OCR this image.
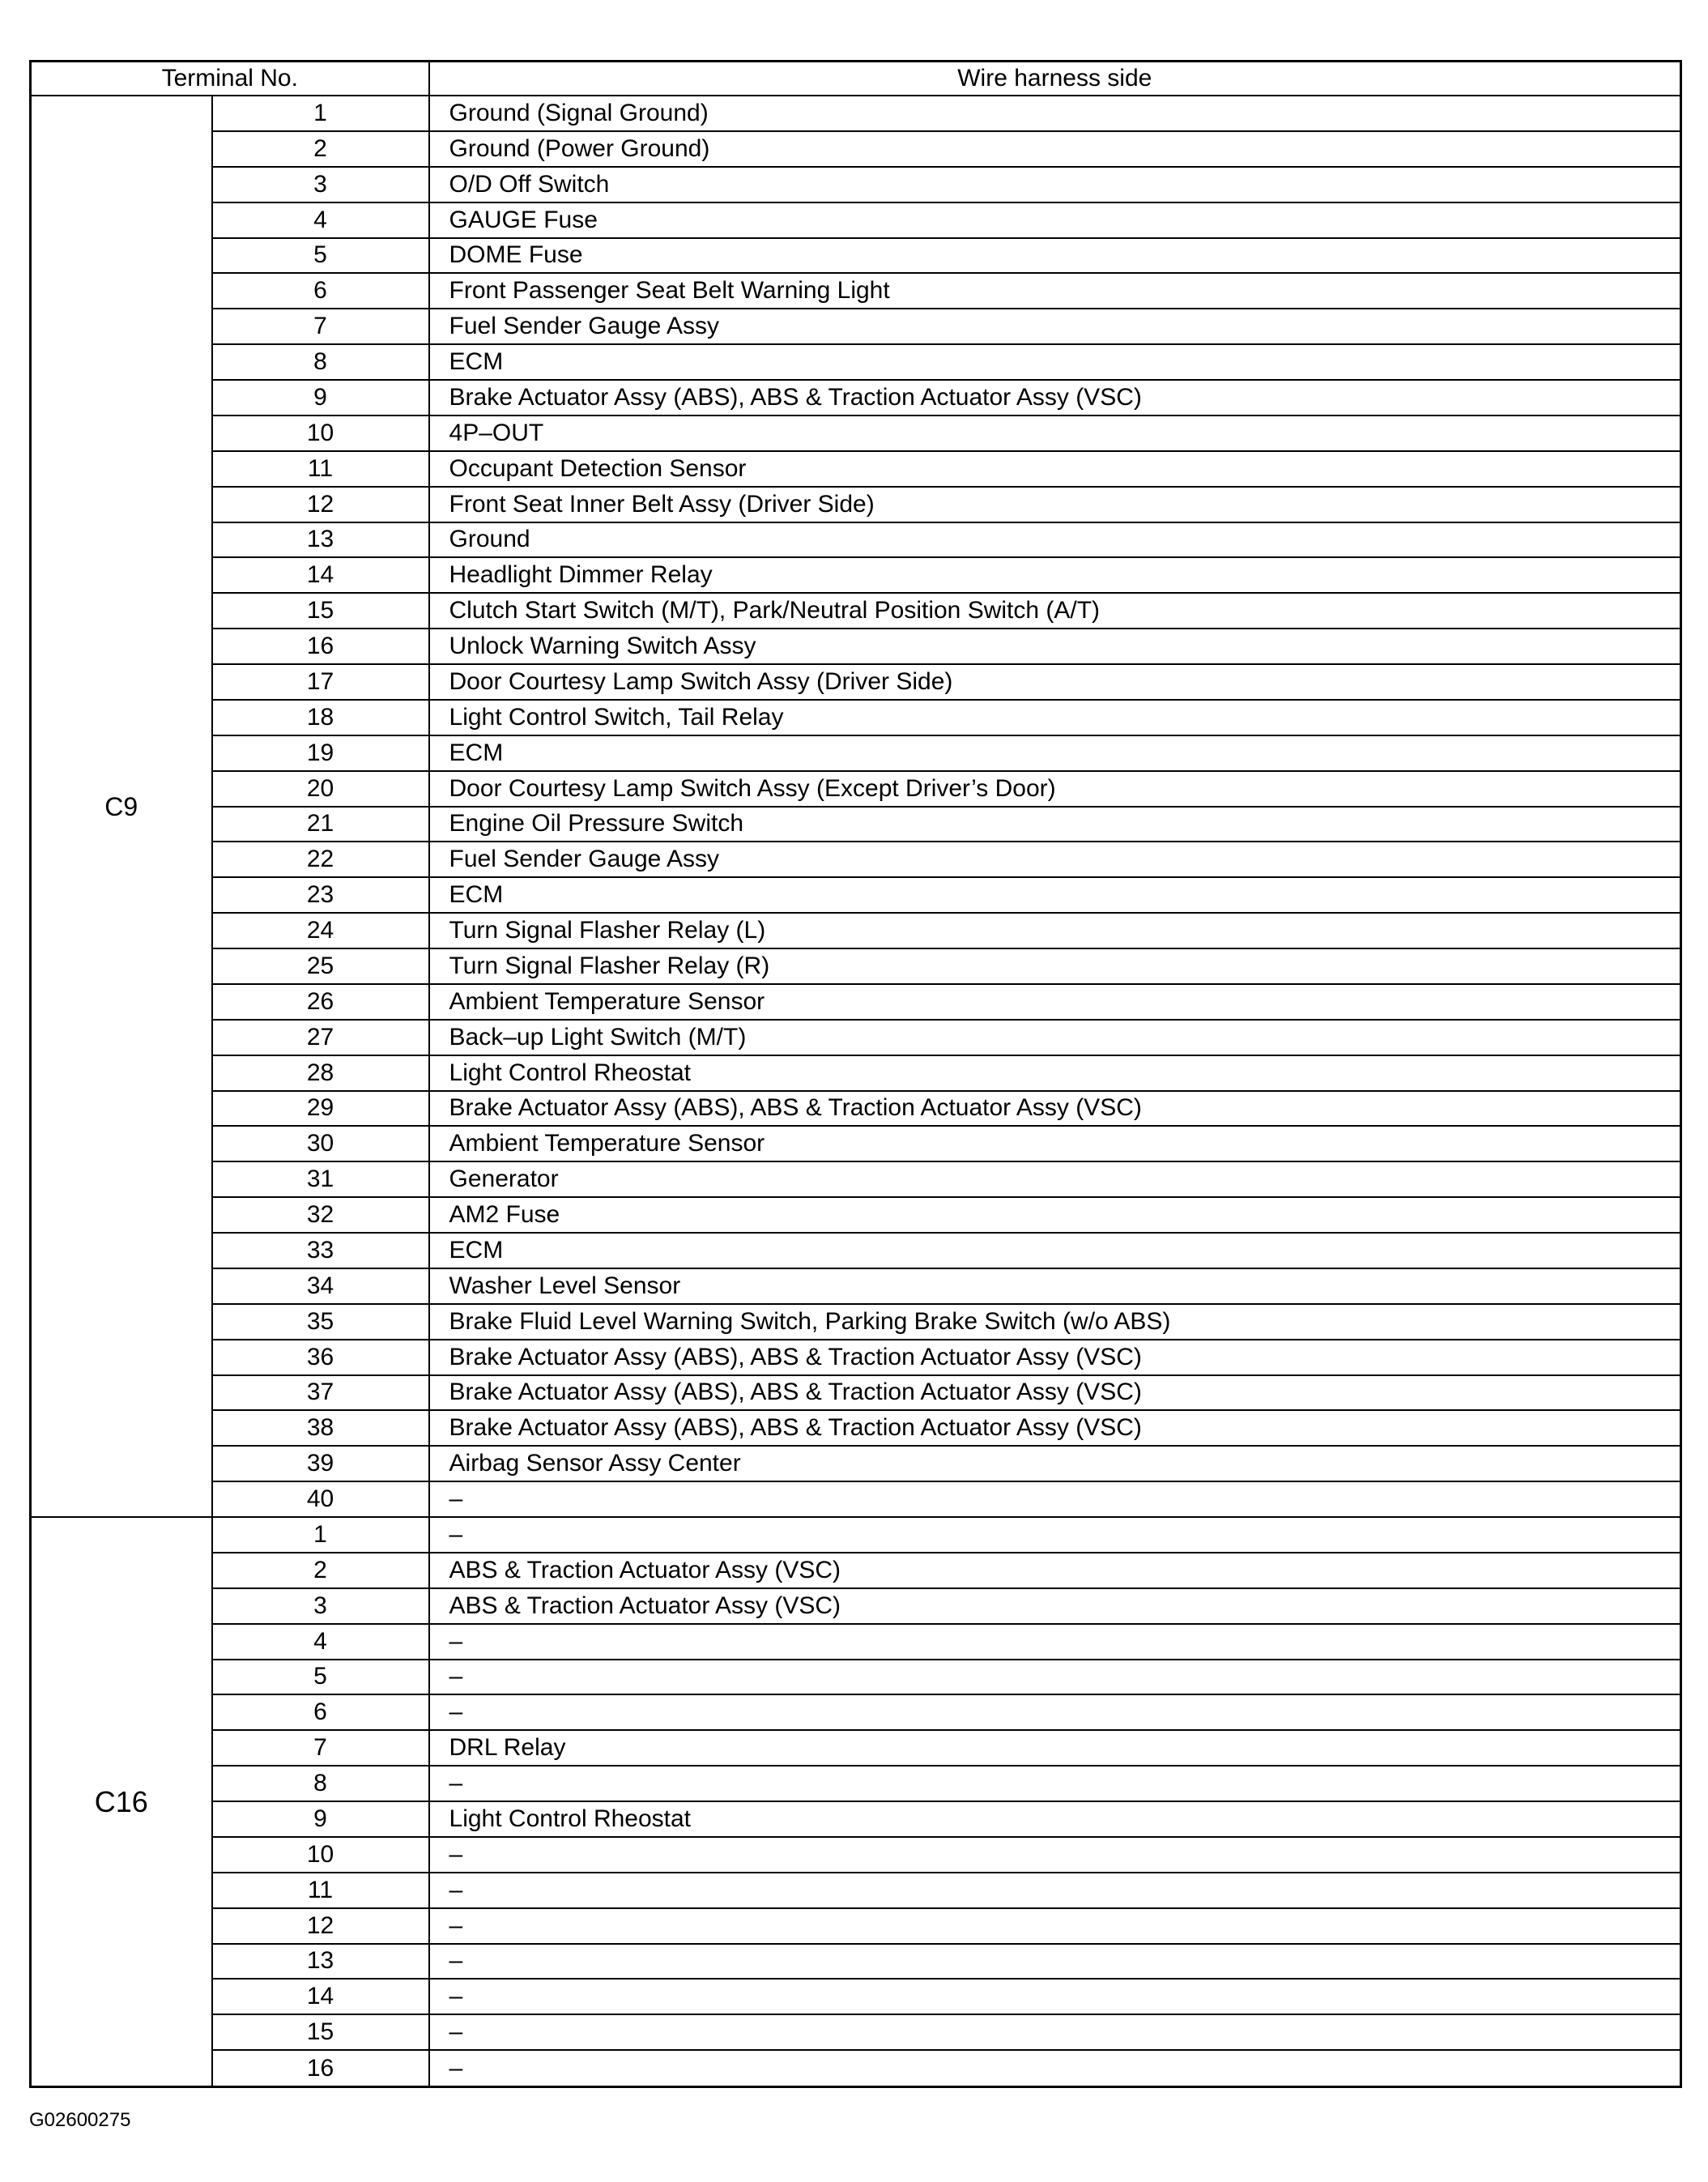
Terminal No.		Wire harness side
C9	1	Ground (Signal Ground)
	2	Ground (Power Ground)
	3	O/D Off Switch
	4	GAUGE Fuse
	5	DOME Fuse
	6	Front Passenger Seat Belt Warning Light
	7	Fuel Sender Gauge Assy
	8	ECM
	9	Brake Actuator Assy (ABS), ABS & Traction Actuator Assy (VSC)
	10	4P–OUT
	11	Occupant Detection Sensor
	12	Front Seat Inner Belt Assy (Driver Side)
	13	Ground
	14	Headlight Dimmer Relay
	15	Clutch Start Switch (M/T), Park/Neutral Position Switch (A/T)
	16	Unlock Warning Switch Assy
	17	Door Courtesy Lamp Switch Assy (Driver Side)
	18	Light Control Switch, Tail Relay
	19	ECM
	20	Door Courtesy Lamp Switch Assy (Except Driver’s Door)
	21	Engine Oil Pressure Switch
	22	Fuel Sender Gauge Assy
	23	ECM
	24	Turn Signal Flasher Relay (L)
	25	Turn Signal Flasher Relay (R)
	26	Ambient Temperature Sensor
	27	Back–up Light Switch (M/T)
	28	Light Control Rheostat
	29	Brake Actuator Assy (ABS), ABS & Traction Actuator Assy (VSC)
	30	Ambient Temperature Sensor
	31	Generator
	32	AM2 Fuse
	33	ECM
	34	Washer Level Sensor
	35	Brake Fluid Level Warning Switch, Parking Brake Switch (w/o ABS)
	36	Brake Actuator Assy (ABS), ABS & Traction Actuator Assy (VSC)
	37	Brake Actuator Assy (ABS), ABS & Traction Actuator Assy (VSC)
	38	Brake Actuator Assy (ABS), ABS & Traction Actuator Assy (VSC)
	39	Airbag Sensor Assy Center
	40	–
C16	1	–
	2	ABS & Traction Actuator Assy (VSC)
	3	ABS & Traction Actuator Assy (VSC)
	4	–
	5	–
	6	–
	7	DRL Relay
	8	–
	9	Light Control Rheostat
	10	–
	11	–
	12	–
	13	–
	14	–
	15	–
	16	–
G02600275
